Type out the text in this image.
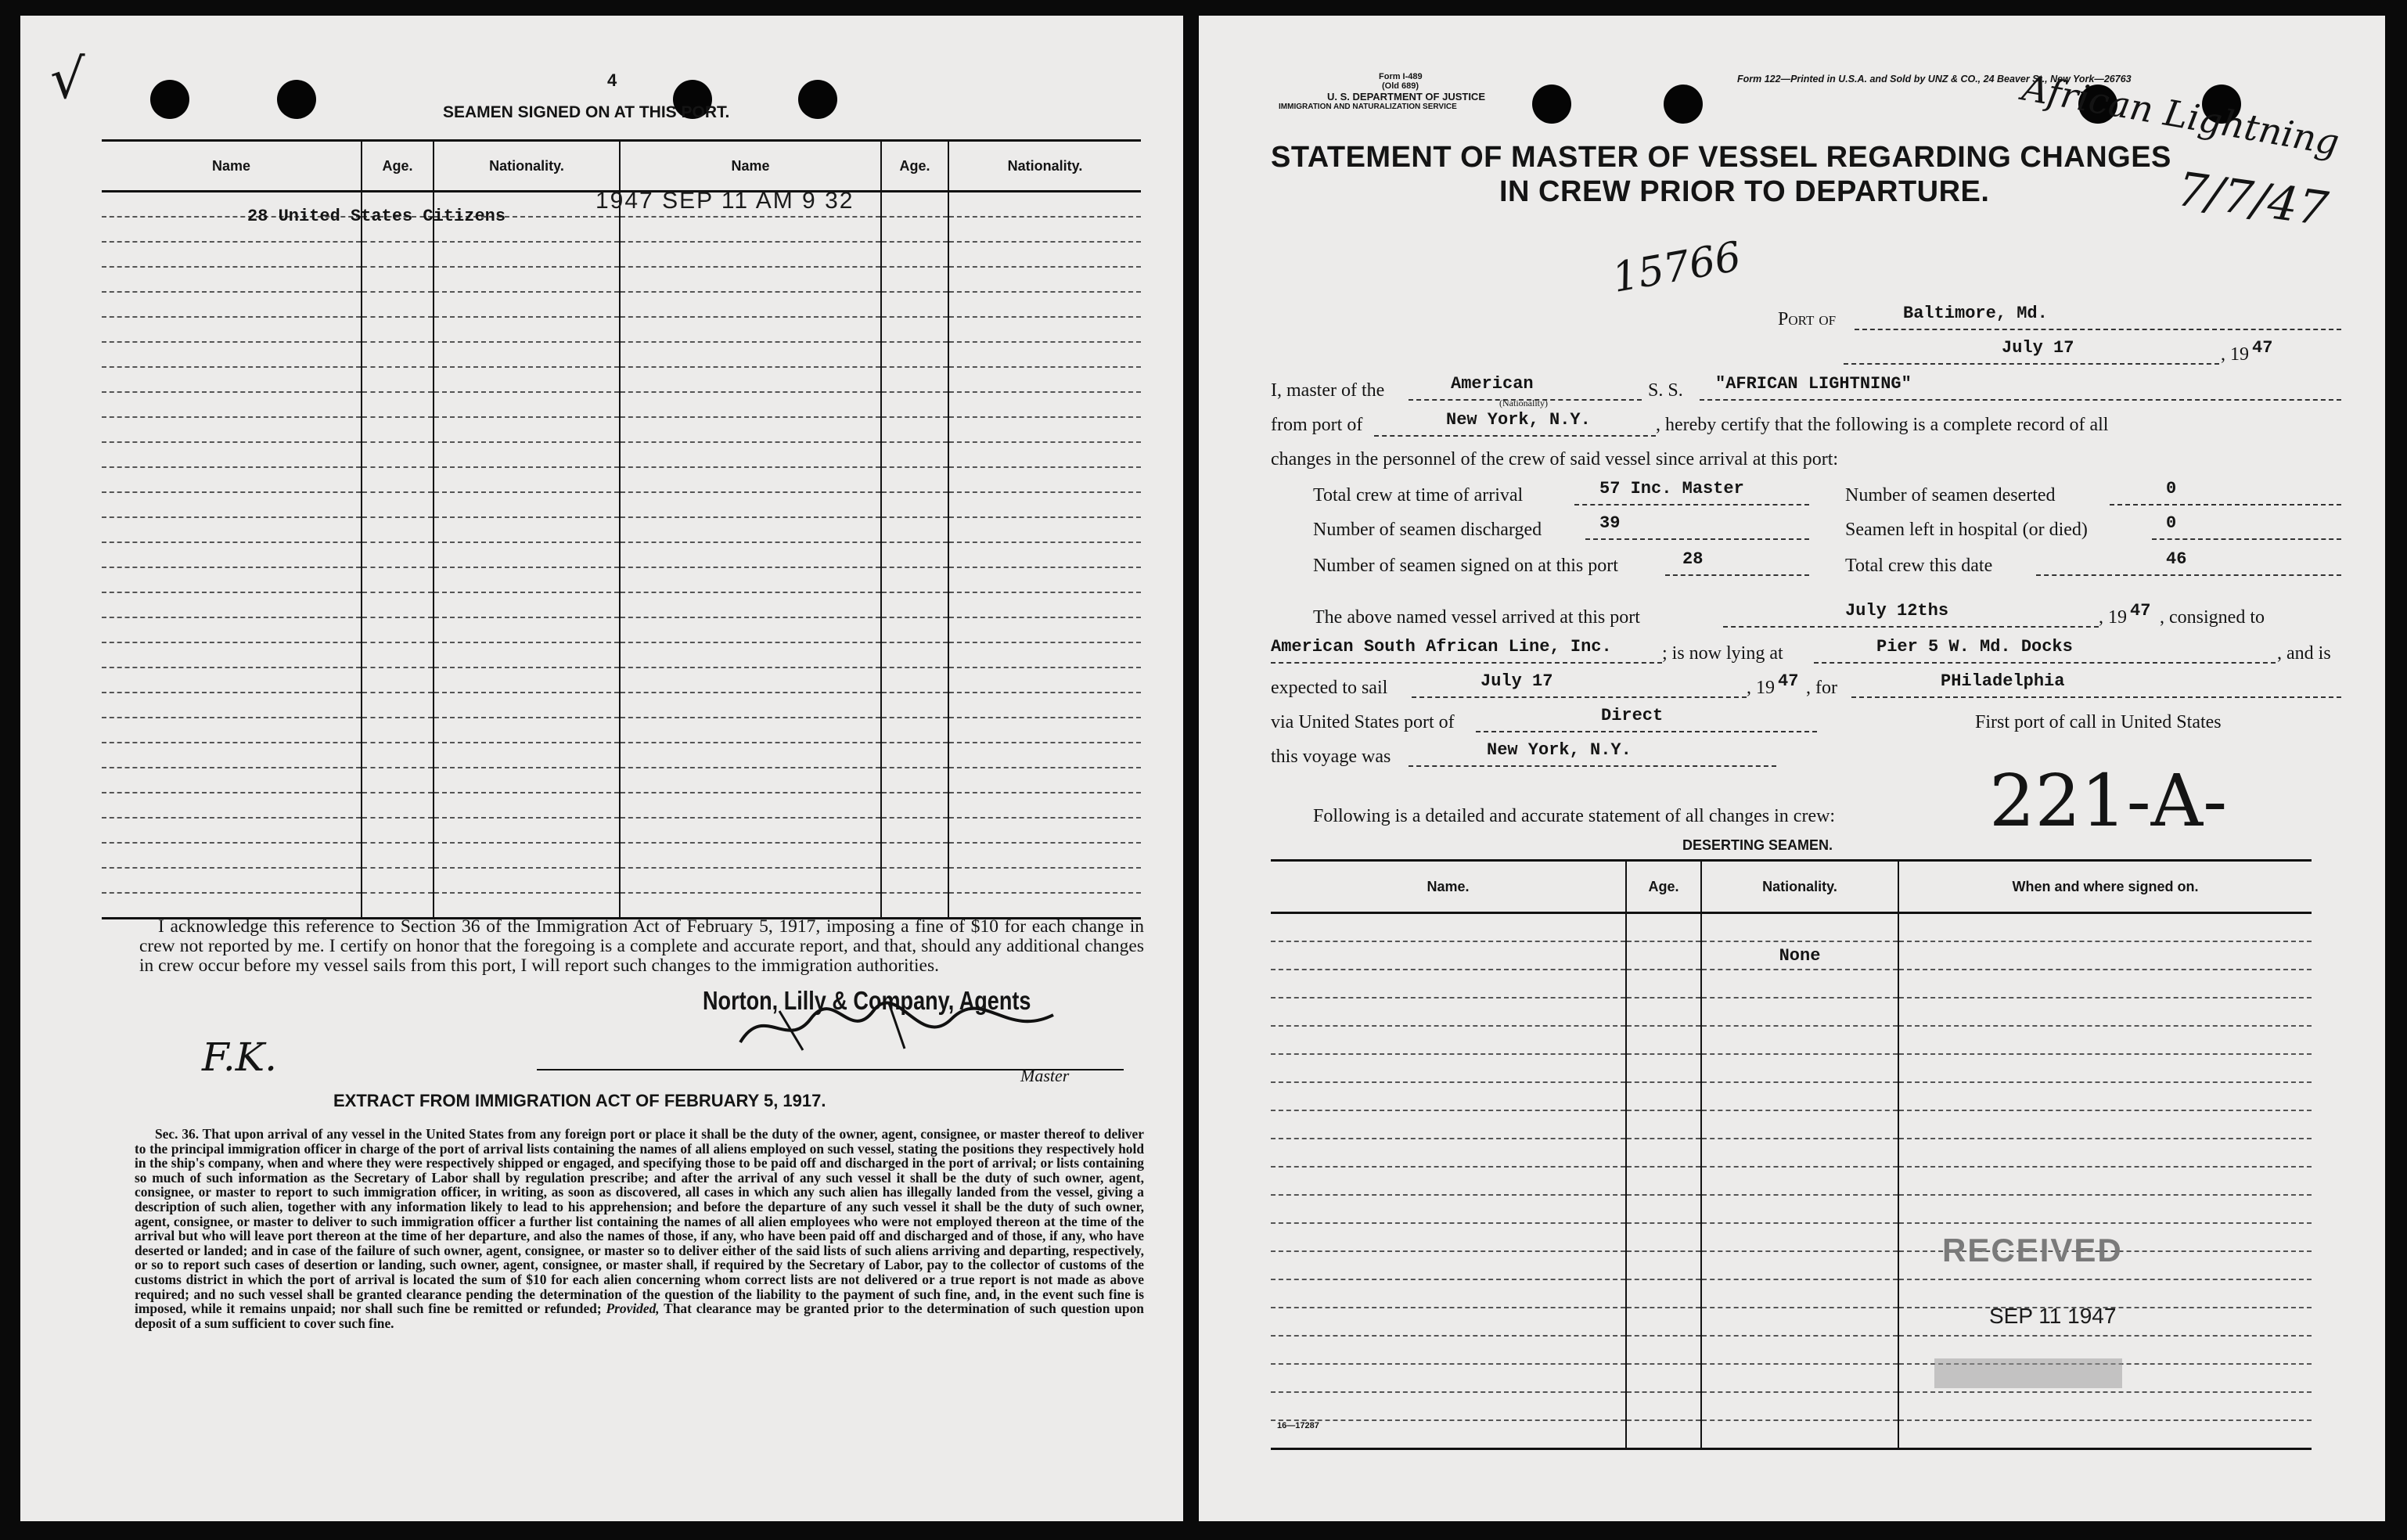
√	4
SEAMEN SIGNED ON AT THIS PORT.
Name	Age.	Nationality.	Name	Age.	Nationality.

28 United States Citizens
1947 SEP 11 AM 9 32
I acknowledge this reference to Section 36 of the Immigration Act of February 5, 1917, imposing a fine of $10 for each change in crew not reported by me. I certify on honor that the foregoing is a complete and accurate report, and that, should any additional changes in crew occur before my vessel sails from this port, I will report such changes to the immigration authorities.
Norton, Lilly & Company, Agents
Master
F.K.
EXTRACT FROM IMMIGRATION ACT OF FEBRUARY 5, 1917.
Sec. 36. That upon arrival of any vessel in the United States from any foreign port or place it shall be the duty of the owner, agent, consignee, or master thereof to deliver to the principal immigration officer in charge of the port of arrival lists containing the names of all aliens employed on such vessel, stating the positions they respectively hold in the ship's company, when and where they were respectively shipped or engaged, and specifying those to be paid off and discharged in the port of arrival; or lists containing so much of such information as the Secretary of Labor shall by regulation prescribe; and after the arrival of any such vessel it shall be the duty of such owner, agent, consignee, or master to report to such immigration officer, in writing, as soon as discovered, all cases in which any such alien has illegally landed from the vessel, giving a description of such alien, together with any information likely to lead to his apprehension; and before the departure of any such vessel it shall be the duty of such owner, agent, consignee, or master to deliver to such immigration officer a further list containing the names of all alien employees who were not employed thereon at the time of the arrival but who will leave port thereon at the time of her departure, and also the names of those, if any, who have been paid off and discharged and of those, if any, who have deserted or landed; and in case of the failure of such owner, agent, consignee, or master so to deliver either of the said lists of such aliens arriving and departing, respectively, or so to report such cases of desertion or landing, such owner, agent, consignee, or master shall, if required by the Secretary of Labor, pay to the collector of customs of the customs district in which the port of arrival is located the sum of $10 for each alien concerning whom correct lists are not delivered or a true report is not made as above required; and no such vessel shall be granted clearance pending the determination of the question of the liability to the payment of such fine, and, in the event such fine is imposed, while it remains unpaid; nor shall such fine be remitted or refunded; Provided, That clearance may be granted prior to the determination of such question upon deposit of a sum sufficient to cover such fine.
Form I-489
(Old 689)
U. S. DEPARTMENT OF JUSTICE
IMMIGRATION AND NATURALIZATION SERVICE
Form 122—Printed in U.S.A. and Sold by UNZ & CO., 24 Beaver St., New York—26763
STATEMENT OF MASTER OF VESSEL REGARDING CHANGES
IN CREW PRIOR TO DEPARTURE.
African Lightning
7/7/47
15766
Port of	Baltimore, Md.
July 17	, 19 47
I, master of the	American
(Nationality)
S. S. "AFRICAN LIGHTNING"
from port of	New York, N.Y.	, hereby certify that the following is a complete record of all
changes in the personnel of the crew of said vessel since arrival at this port:
Total crew at time of arrival	57 Inc. Master	Number of seamen deserted	0
Number of seamen discharged	39	Seamen left in hospital (or died)	0
Number of seamen signed on at this port	28	Total crew this date	46
The above named vessel arrived at this port	July 12ths	, 19 47 , consigned to
American South African Line, Inc.	; is now lying at	Pier 5 W. Md. Docks	, and is
expected to sail	July 17	, 19 47 , for	PHiladelphia
via United States port of	Direct	First port of call in United States
this voyage was	New York, N.Y.
Following is a detailed and accurate statement of all changes in crew: 221-A-
DESERTING SEAMEN.
Name.	Age.	Nationality.	When and where signed on.

		None	

RECEIVED
SEP 11 1947
16—17287
